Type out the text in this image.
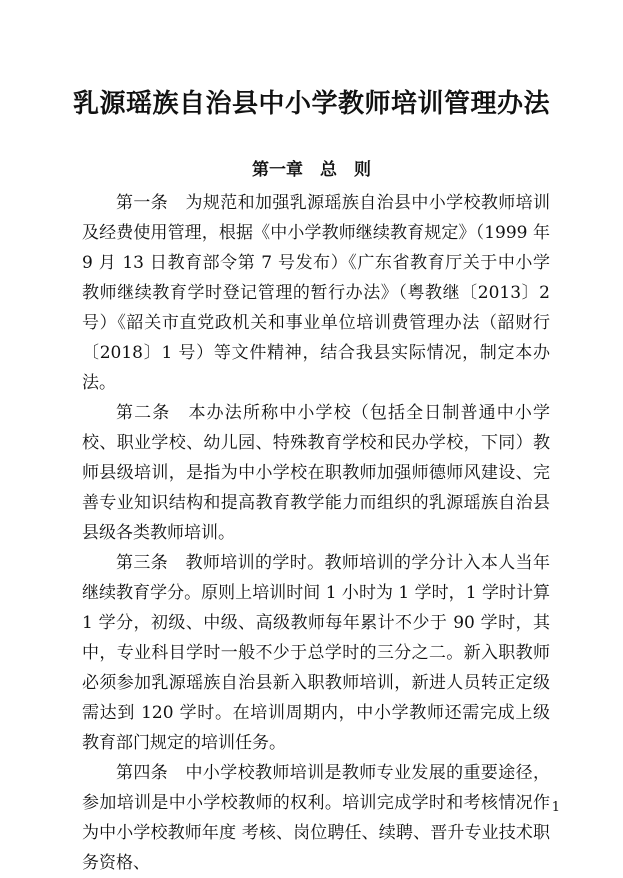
乳源瑶族自治县中小学教师培训管理办法
第一章　总　则

第一条　 为规范和加强乳源瑶族自治县中小学校教师培训及经费使用管理，根据《中小学教师继续教育规定》（1999 年 9 月 13 日教育部令第 7 号发布）《广东省教育厅关于中小学教师继续教育学时登记管理的暂行办法》（粤教继〔2013〕2 号）《韶关市直党政机关和事业单位培训费管理办法（韶财行〔2018〕1 号）等文件精神，结合我县实际情况，制定本办法。

第二条　 本办法所称中小学校（包括全日制普通中小学校、职业学校、幼儿园、特殊教育学校和民办学校，下同）教师县级培训，是指为中小学校在职教师加强师德师风建设、完善专业知识结构和提高教育教学能力而组织的乳源瑶族自治县县级各类教师培训。

第三条　 教师培训的学时。教师培训的学分计入本人当年继续教育学分。原则上培训时间 1 小时为 1 学时，1 学时计算 1 学分，初级、中级、高级教师每年累计不少于 90 学时，其中，专业科目学时一般不少于总学时的三分之二。新入职教师必须参加乳源瑶族自治县新入职教师培训，新进人员转正定级需达到 120 学时。在培训周期内，中小学教师还需完成上级教育部门规定的培训任务。

第四条　 中小学校教师培训是教师专业发展的重要途径，参加培训是中小学校教师的权利。培训完成学时和考核情况作为中小学校教师年度 考核、岗位聘任、续聘、晋升专业技术职务资格、

1
